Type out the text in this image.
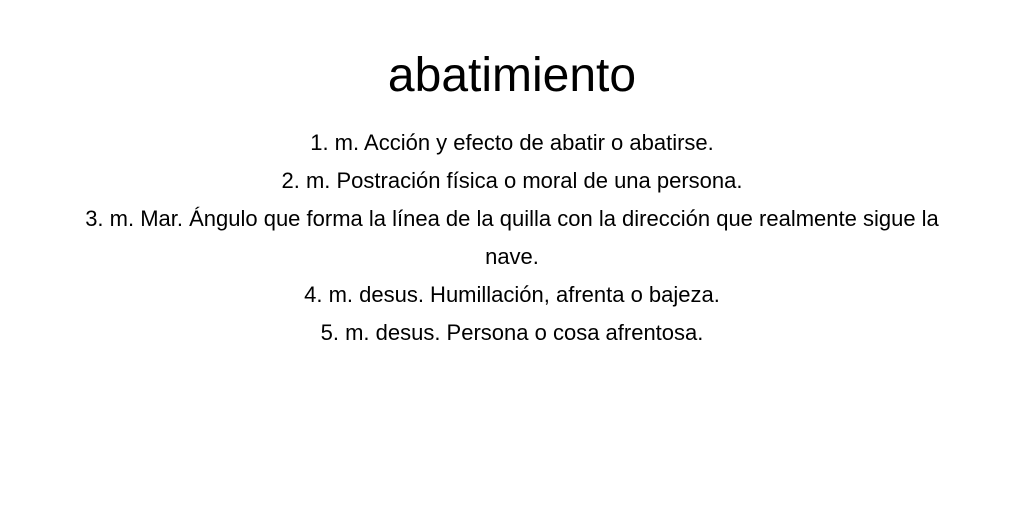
abatimiento
1. m. Acción y efecto de abatir o abatirse.
2. m. Postración física o moral de una persona.
3. m. Mar. Ángulo que forma la línea de la quilla con la dirección que realmente sigue la nave.
4. m. desus. Humillación, afrenta o bajeza.
5. m. desus. Persona o cosa afrentosa.
